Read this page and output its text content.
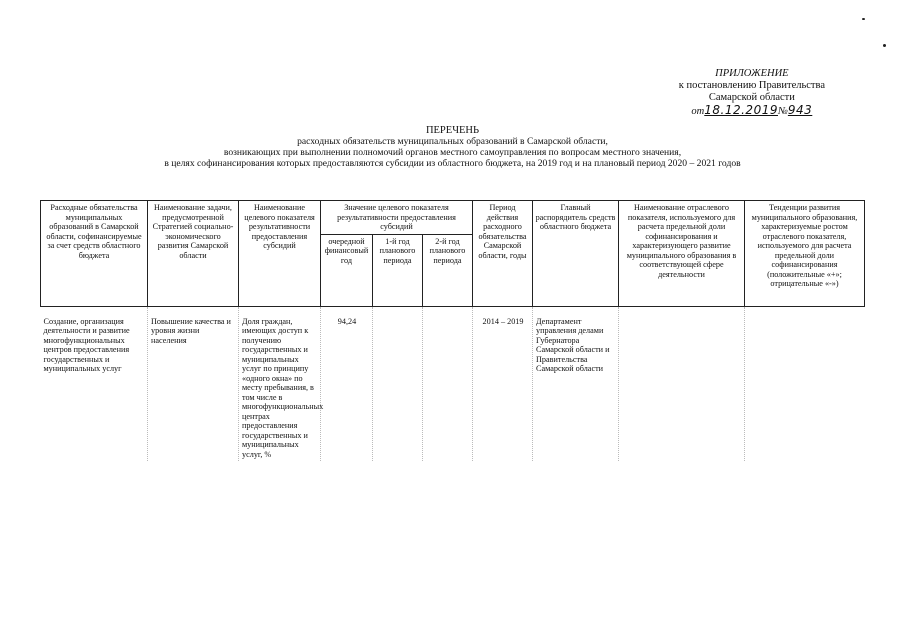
ПРИЛОЖЕНИЕ
к постановлению Правительства
Самарской области
от18.12.2019№943
ПЕРЕЧЕНЬ
расходных обязательств муниципальных образований в Самарской области,
возникающих при выполнении полномочий органов местного самоуправления по вопросам местного значения,
в целях софинансирования которых предоставляются субсидии из областного бюджета, на 2019 год и на плановый период 2020 – 2021 годов
Расходные обязательства муниципальных образований в Самарской области, софинансируемые за счет средств областного бюджета	Наименование задачи, предусмотренной Стратегией социально-экономического развития Самарской области	Наименование целевого показателя результативности предоставления субсидий	Значение целевого показателя результативности предоставления субсидий			Период действия расходного обязательства Самарской области, годы	Главный распорядитель средств областного бюджета	Наименование отраслевого показателя, используемого для расчета предельной доли софинансирования и характеризующего развитие муниципального образования в соответствующей сфере деятельности	Тенденции развития муниципального образования, характеризуемые ростом отраслевого показателя, используемого для расчета предельной доли софинансирования (положительные «+»; отрицательные «-»)
			очередной финансовый год	1-й год планового периода	2-й год планового периода				
Создание, организация деятельности и развитие многофункциональных центров предоставления государственных и муниципальных услуг	Повышение качества и уровня жизни населения	Доля граждан, имеющих доступ к получению государственных и муниципальных услуг по принципу «одного окна» по месту пребывания, в том числе в многофункциональных центрах предоставления государственных и муниципальных услуг, %	94,24			2014 – 2019	Департамент управления делами Губернатора Самарской области и Правительства Самарской области		
